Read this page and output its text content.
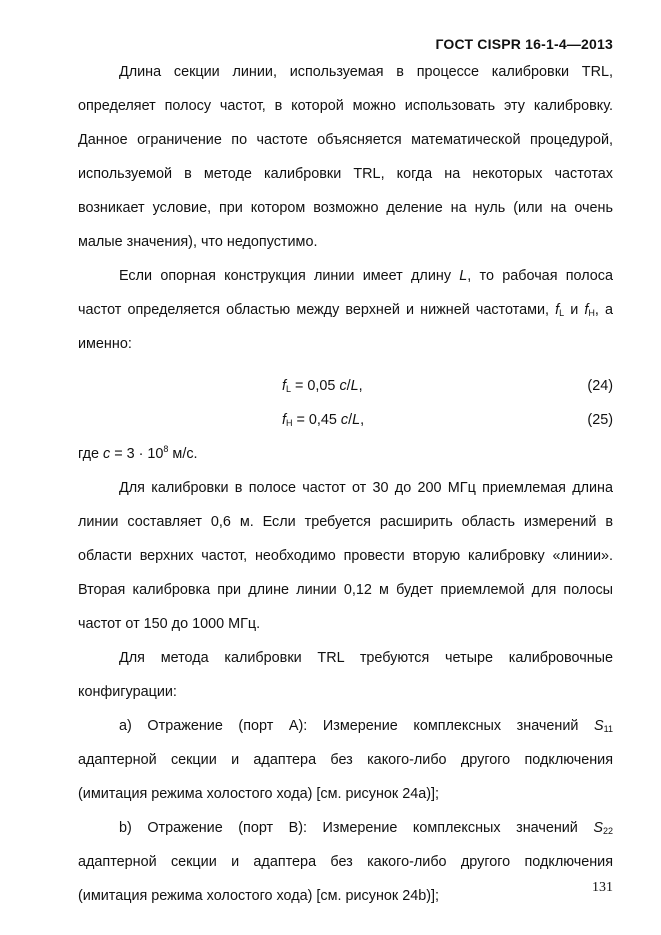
ГОСТ CISPR 16-1-4—2013

Длина секции линии, используемая в процессе калибровки TRL, определяет полосу частот, в которой можно использовать эту калибровку. Данное ограничение по частоте объясняется математической процедурой, используемой в методе калибровки TRL, когда на некоторых частотах возникает условие, при котором возможно деление на нуль (или на очень малые значения), что недопустимо.

Если опорная конструкция линии имеет длину L, то рабочая полоса частот определяется областью между верхней и нижней частотами, $f_L$ и $f_H$, а именно:

$f_L = 0,05$ c/L,	(24)
$f_H = 0,45$ c/L,	(25)

где $c = 3 \cdot 10^8$ м/с.

Для калибровки в полосе частот от 30 до 200 МГц приемлемая длина линии составляет 0,6 м. Если требуется расширить область измерений в области верхних частот, необходимо провести вторую калибровку «линии». Вторая калибровка при длине линии 0,12 м будет приемлемой для полосы частот от 150 до 1000 МГц.

Для метода калибровки TRL требуются четыре калибровочные конфигурации:

а) Отражение (порт А): Измерение комплексных значений $S_{11}$ адаптерной секции и адаптера без какого-либо другого подключения (имитация режима холостого хода) [см. рисунок 24а)];

b) Отражение (порт В): Измерение комплексных значений $S_{22}$ адаптерной секции и адаптера без какого-либо другого подключения (имитация режима холостого хода) [см. рисунок 24b)];

131
